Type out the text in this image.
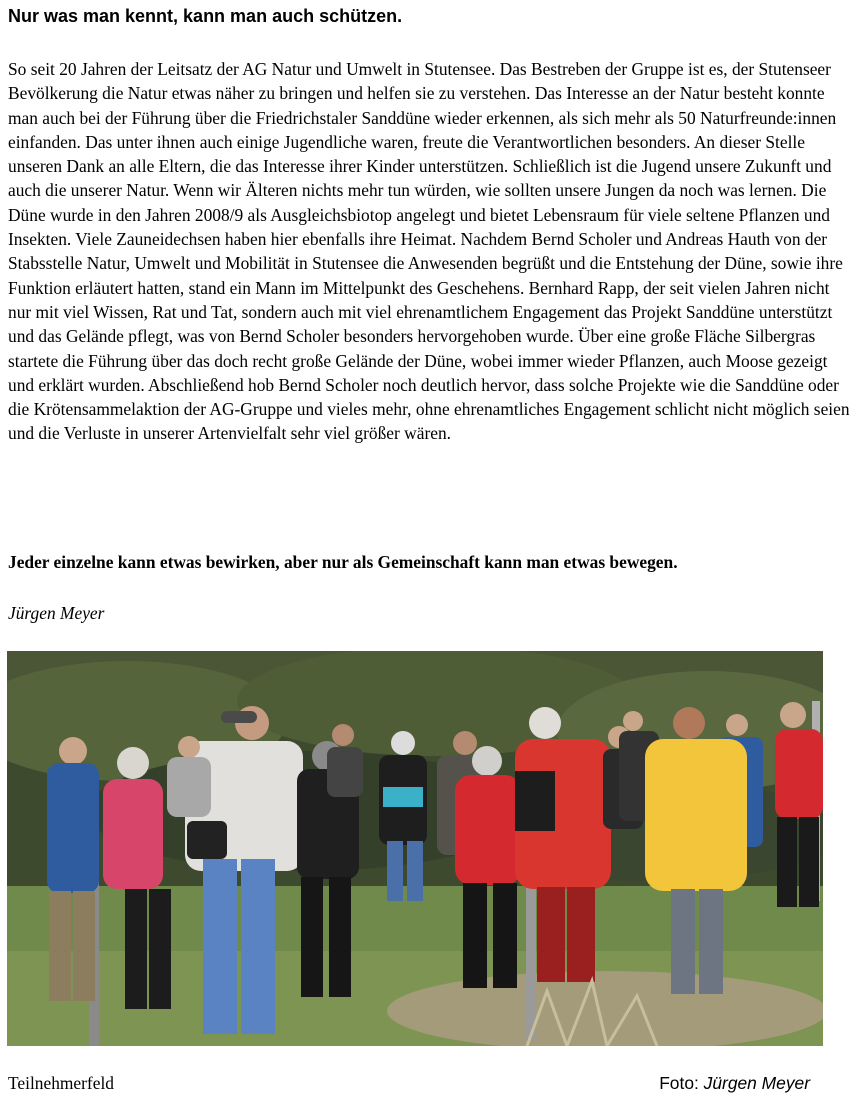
Nur was man kennt, kann man auch schützen.

So seit 20 Jahren der Leitsatz der AG Natur und Umwelt in Stutensee. Das Bestreben der Gruppe ist es, der Stutenseer Bevölkerung die Natur etwas näher zu bringen und helfen sie zu verstehen. Das Interesse an der Natur besteht konnte man auch bei der Führung über die Friedrichstaler Sanddüne wieder erkennen, als sich mehr als 50 Naturfreunde:innen einfanden. Das unter ihnen auch einige Jugendliche waren, freute die Verantwortlichen besonders. An dieser Stelle unseren Dank an alle Eltern, die das Interesse ihrer Kinder unterstützen. Schließlich ist die Jugend unsere Zukunft und auch die unserer Natur. Wenn wir Älteren nichts mehr tun würden, wie sollten unsere Jungen da noch was lernen. Die Düne wurde in den Jahren 2008/9 als Ausgleichsbiotop angelegt und bietet Lebensraum für viele seltene Pflanzen und Insekten. Viele Zauneidechsen haben hier ebenfalls ihre Heimat. Nachdem Bernd Scholer und Andreas Hauth von der Stabsstelle Natur, Umwelt und Mobilität in Stutensee die Anwesenden begrüßt und die Entstehung der Düne, sowie ihre Funktion erläutert hatten, stand ein Mann im Mittelpunkt des Geschehens. Bernhard Rapp, der seit vielen Jahren nicht nur mit viel Wissen, Rat und Tat, sondern auch mit viel ehrenamtlichem Engagement das Projekt Sanddüne unterstützt und das Gelände pflegt, was von Bernd Scholer besonders hervorgehoben wurde. Über eine große Fläche Silbergras startete die Führung über das doch recht große Gelände der Düne, wobei immer wieder Pflanzen, auch Moose gezeigt und erklärt wurden. Abschließend hob Bernd Scholer noch deutlich hervor, dass solche Projekte wie die Sanddüne oder die Krötensammelaktion der AG-Gruppe und vieles mehr, ohne ehrenamtliches Engagement schlicht nicht möglich seien und die Verluste in unserer Artenvielfalt sehr viel größer wären.

Jeder einzelne kann etwas bewirken, aber nur als Gemeinschaft kann man etwas bewegen.
Jürgen Meyer
Teilnehmerfeld	Foto: Jürgen Meyer
